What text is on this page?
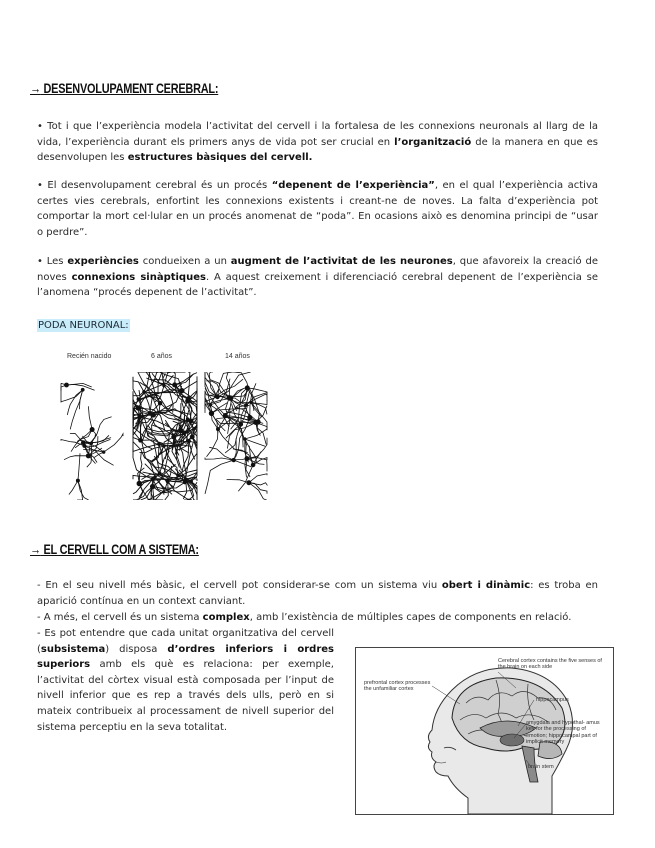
→ DESENVOLUPAMENT CEREBRAL:

• Tot i que l’experiència modela l’activitat del cervell i la fortalesa de les connexions neuronals al llarg de la vida, l’experiència durant els primers anys de vida pot ser crucial en l’organització de la manera en que es desenvolupen les estructures bàsiques del cervell.

• El desenvolupament cerebral és un procés “depenent de l’experiència”, en el qual l’experiència activa certes vies cerebrals, enfortint les connexions existents i creant-ne de noves. La falta d’experiència pot comportar la mort cel·lular en un procés anomenat de “poda”. En ocasions això es denomina principi de “usar o perdre”.

• Les experiències condueixen a un augment de l’activitat de les neurones, que afavoreix la creació de noves connexions sinàptiques. A aquest creixement i diferenciació cerebral depenent de l’experiència se l’anomena “procés depenent de l’activitat”.

PODA NEURONAL:

Recién nacido	6 años	14 años
→ EL CERVELL COM A SISTEMA:

- En el seu nivell més bàsic, el cervell pot considerar-se com un sistema viu obert i dinàmic: es troba en aparició contínua en un context canviant.

- A més, el cervell és un sistema complex, amb l’existència de múltiples capes de components en relació.

- Es pot entendre que cada unitat organitzativa del cervell (subsistema) disposa d’ordres inferiors i ordres superiors amb els què es relaciona: per exemple, l’activitat del còrtex visual està composada per l’input de nivell inferior que es rep a través dels ulls, però en si mateix contribueix al processament de nivell superior del sistema perceptiu en la seva totalitat.

Cerebral cortex contains the five senses of the brain on each side
prefrontal cortex processes the unfamiliar cortex
hippocampus
amygdala and hypothal- amus key for the processing of emotion; hippocampal part of implicit memory
brain stem
